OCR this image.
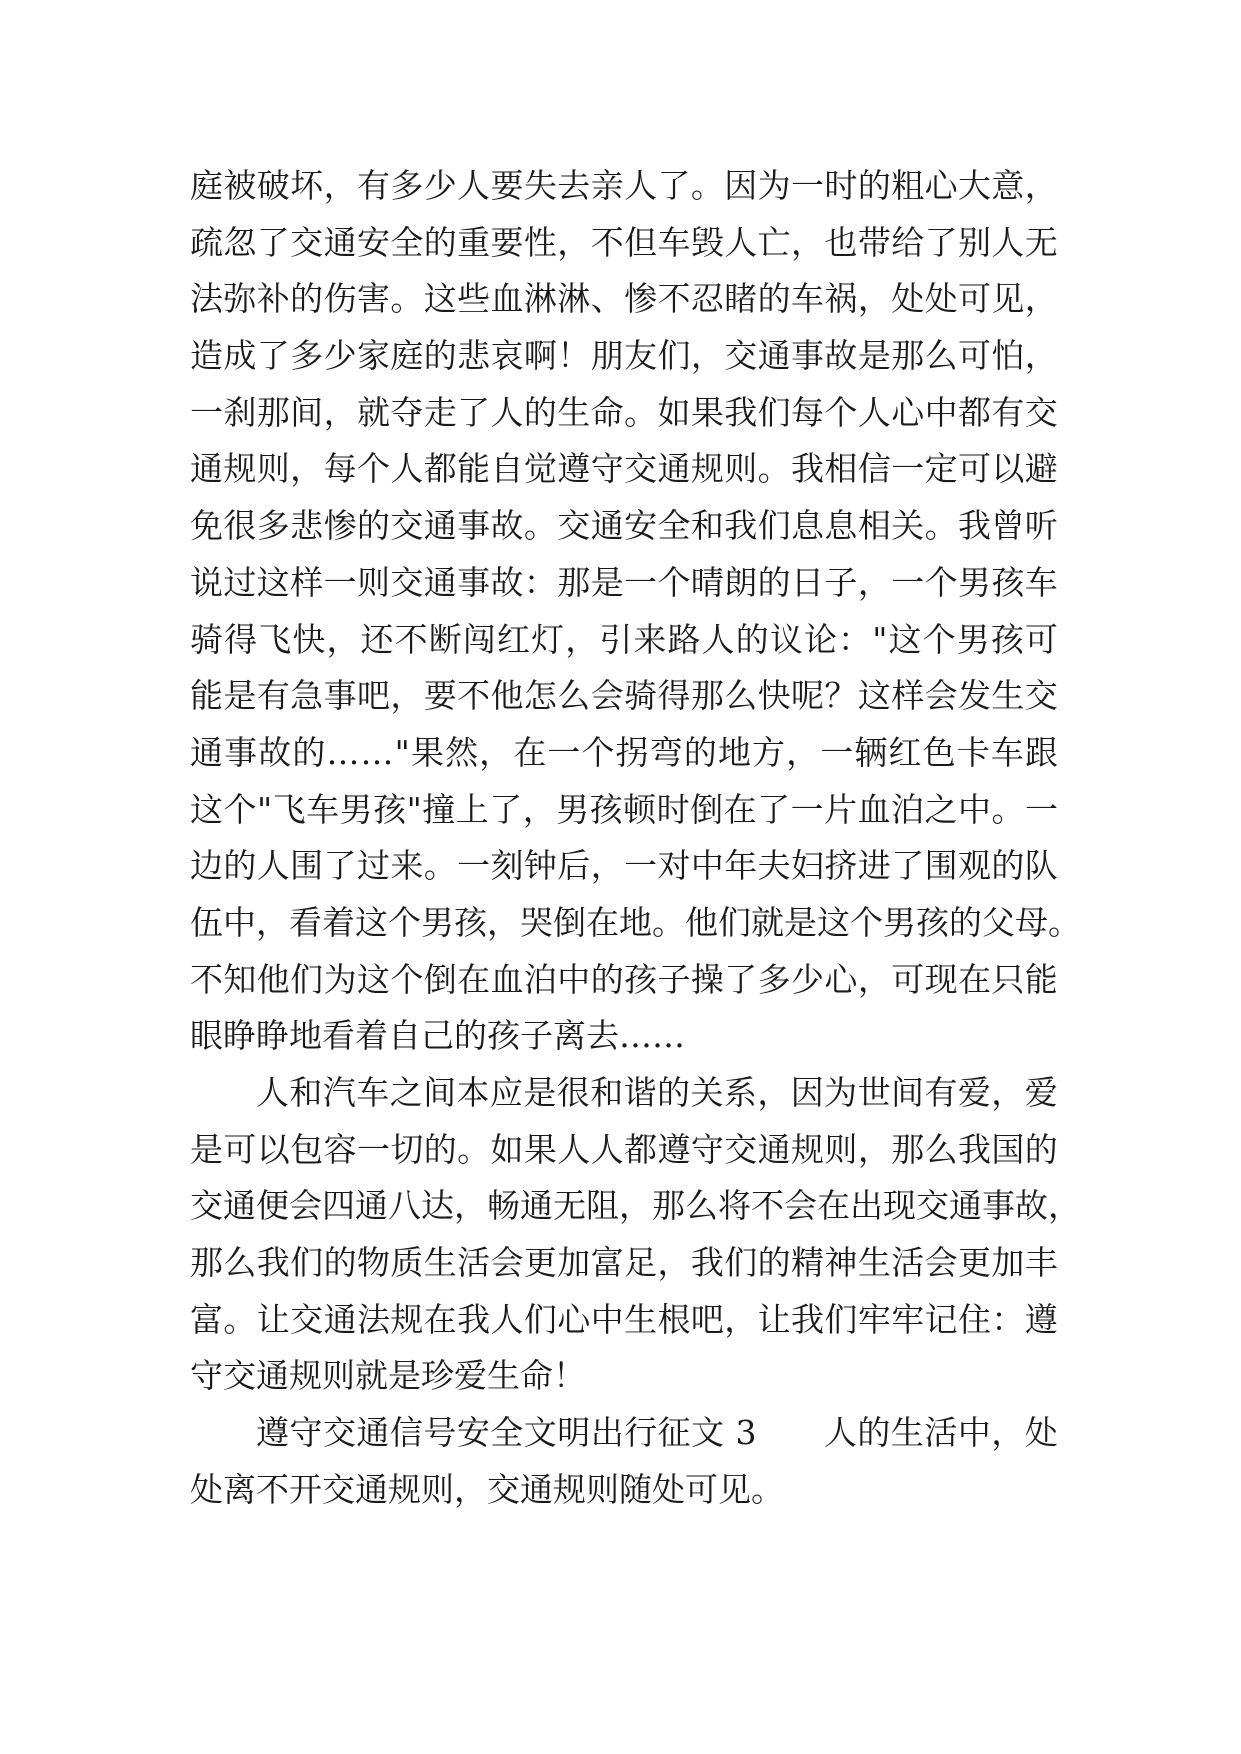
庭 被 破 坏 ， 有 多 少 人 要 失 去 亲 人 了 。 因 为 一 时 的 粗 心 大 意 ，
疏 忽 了 交 通 安 全 的 重 要 性 ， 不 但 车 毁 人 亡 ， 也 带 给 了 别 人 无
法 弥 补 的 伤 害 。 这 些 血 淋 淋 、 惨 不 忍 睹 的 车 祸 ， 处 处 可 见 ，
造 成 了 多 少 家 庭 的 悲 哀 啊 ！ 朋 友 们 ， 交 通 事 故 是 那 么 可 怕 ，
一 刹 那 间 ， 就 夺 走 了 人 的 生 命 。 如 果 我 们 每 个 人 心 中 都 有 交
通 规 则 ， 每 个 人 都 能 自 觉 遵 守 交 通 规 则 。 我 相 信 一 定 可 以 避
免 很 多 悲 惨 的 交 通 事 故 。 交 通 安 全 和 我 们 息 息 相 关 。 我 曾 听
说 过 这 样 一 则 交 通 事 故 ： 那 是 一 个 晴 朗 的 日 子 ， 一 个 男 孩 车
骑 得 飞 快 ， 还 不 断 闯 红 灯 ， 引 来 路 人 的 议 论 ： " 这 个 男 孩 可
能 是 有 急 事 吧 ， 要 不 他 怎 么 会 骑 得 那 么 快 呢 ？ 这 样 会 发 生 交
通 事 故 的 … … " 果 然 ， 在 一 个 拐 弯 的 地 方 ， 一 辆 红 色 卡 车 跟
这 个 " 飞 车 男 孩 " 撞 上 了 ， 男 孩 顿 时 倒 在 了 一 片 血 泊 之 中 。 一
边 的 人 围 了 过 来 。 一 刻 钟 后 ， 一 对 中 年 夫 妇 挤 进 了 围 观 的 队
伍 中 ， 看 着 这 个 男 孩 ， 哭 倒 在 地 。 他 们 就 是 这 个 男 孩 的 父 母 。
不 知 他 们 为 这 个 倒 在 血 泊 中 的 孩 子 操 了 多 少 心 ， 可 现 在 只 能
眼睁睁地看着自己的孩子离去……
人 和 汽 车 之 间 本 应 是 很 和 谐 的 关 系 ， 因 为 世 间 有 爱 ， 爱
是 可 以 包 容 一 切 的 。 如 果 人 人 都 遵 守 交 通 规 则 ， 那 么 我 国 的
交 通 便 会 四 通 八 达 ， 畅 通 无 阻 ， 那 么 将 不 会 在 出 现 交 通 事 故 ，
那 么 我 们 的 物 质 生 活 会 更 加 富 足 ， 我 们 的 精 神 生 活 会 更 加 丰
富 。 让 交 通 法 规 在 我 人 们 心 中 生 根 吧 ， 让 我 们 牢 牢 记 住 ： 遵
守交通规则就是珍爱生命！
遵 守 交 通 信 号 安 全 文 明 出 行 征 文
3

　 人 的 生 活 中 ， 处
处离不开交通规则，交通规则随处可见。
